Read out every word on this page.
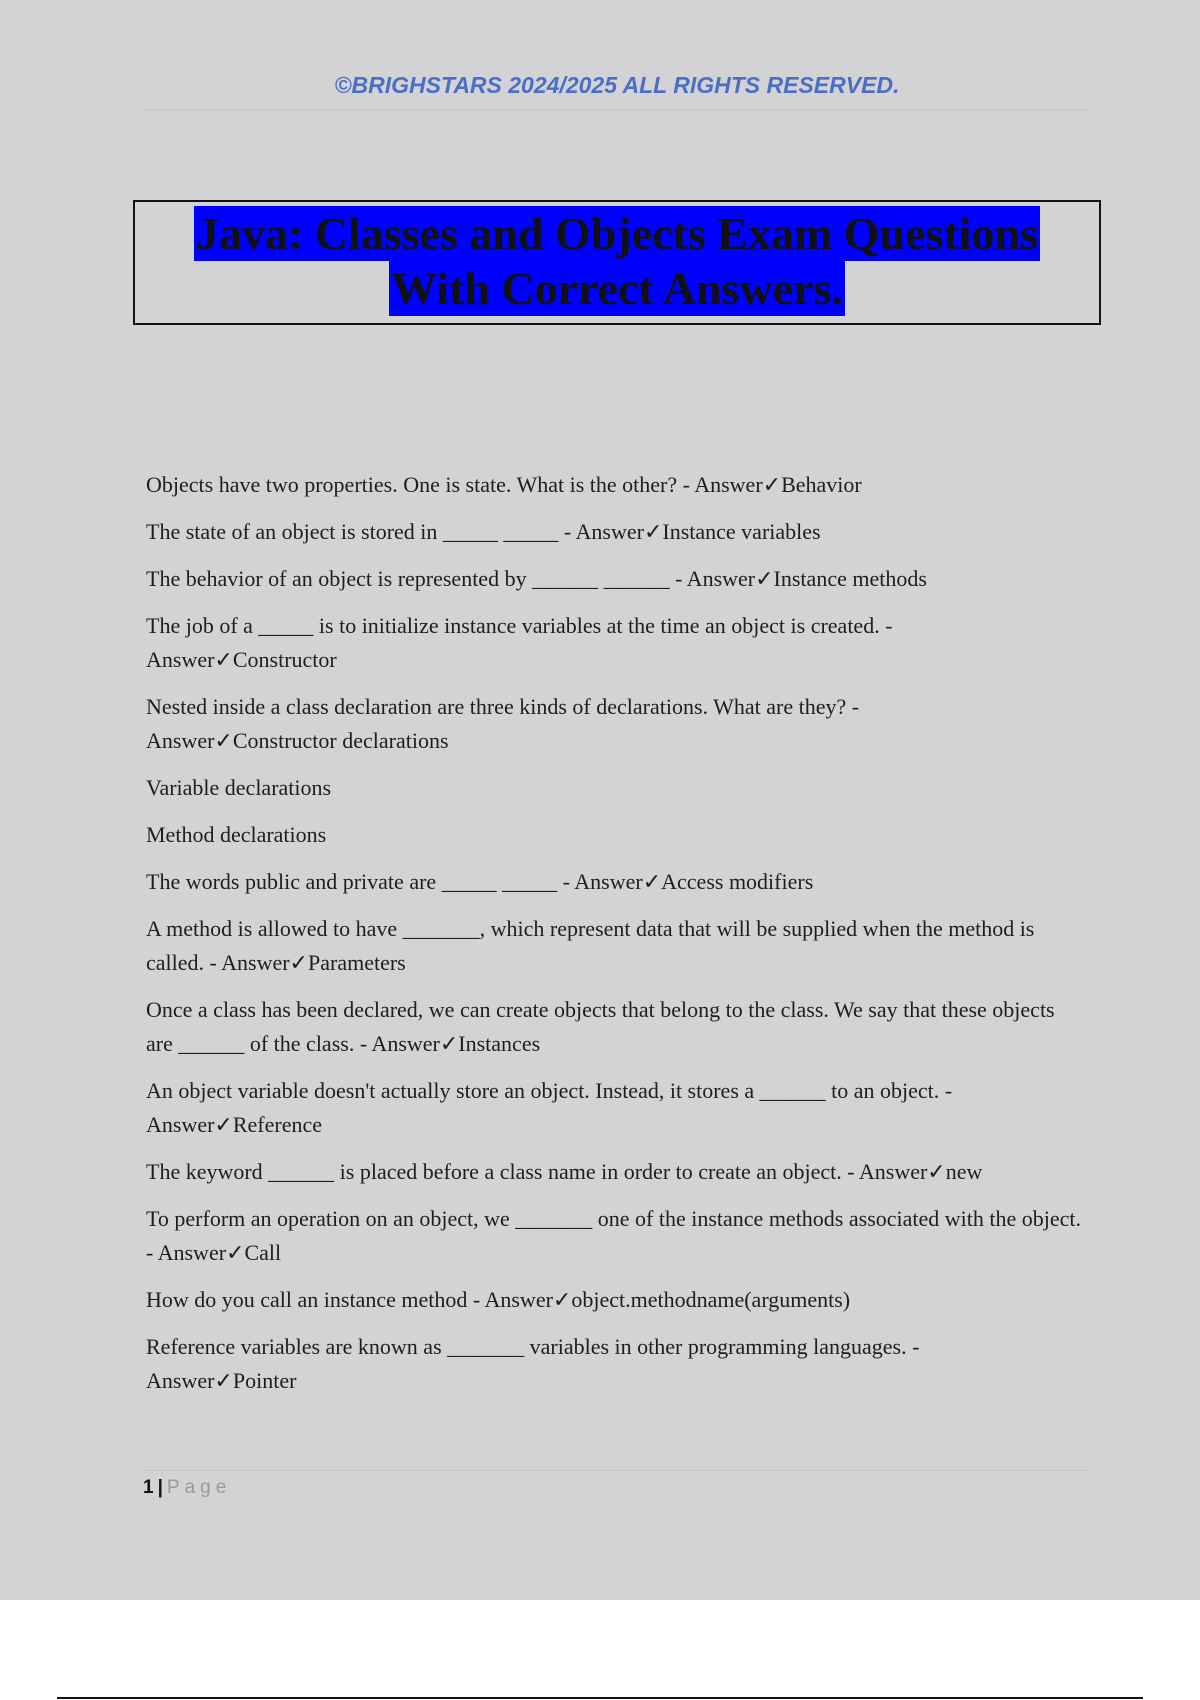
©BRIGHSTARS 2024/2025 ALL RIGHTS RESERVED.
Java: Classes and Objects Exam Questions
With Correct Answers.

Objects have two properties. One is state. What is the other? - Answer✓Behavior

The state of an object is stored in _____ _____ - Answer✓Instance variables

The behavior of an object is represented by ______ ______ - Answer✓Instance methods

The job of a _____ is to initialize instance variables at the time an object is created. - Answer✓Constructor

Nested inside a class declaration are three kinds of declarations. What are they? - Answer✓Constructor declarations

Variable declarations

Method declarations

The words public and private are _____ _____ - Answer✓Access modifiers

A method is allowed to have _______, which represent data that will be supplied when the method is called. - Answer✓Parameters

Once a class has been declared, we can create objects that belong to the class. We say that these objects are ______ of the class. - Answer✓Instances

An object variable doesn't actually store an object. Instead, it stores a ______ to an object. - Answer✓Reference

The keyword ______ is placed before a class name in order to create an object. - Answer✓new

To perform an operation on an object, we _______ one of the instance methods associated with the object. - Answer✓Call

How do you call an instance method - Answer✓object.methodname(arguments)

Reference variables are known as _______ variables in other programming languages. - Answer✓Pointer

1 | Page
